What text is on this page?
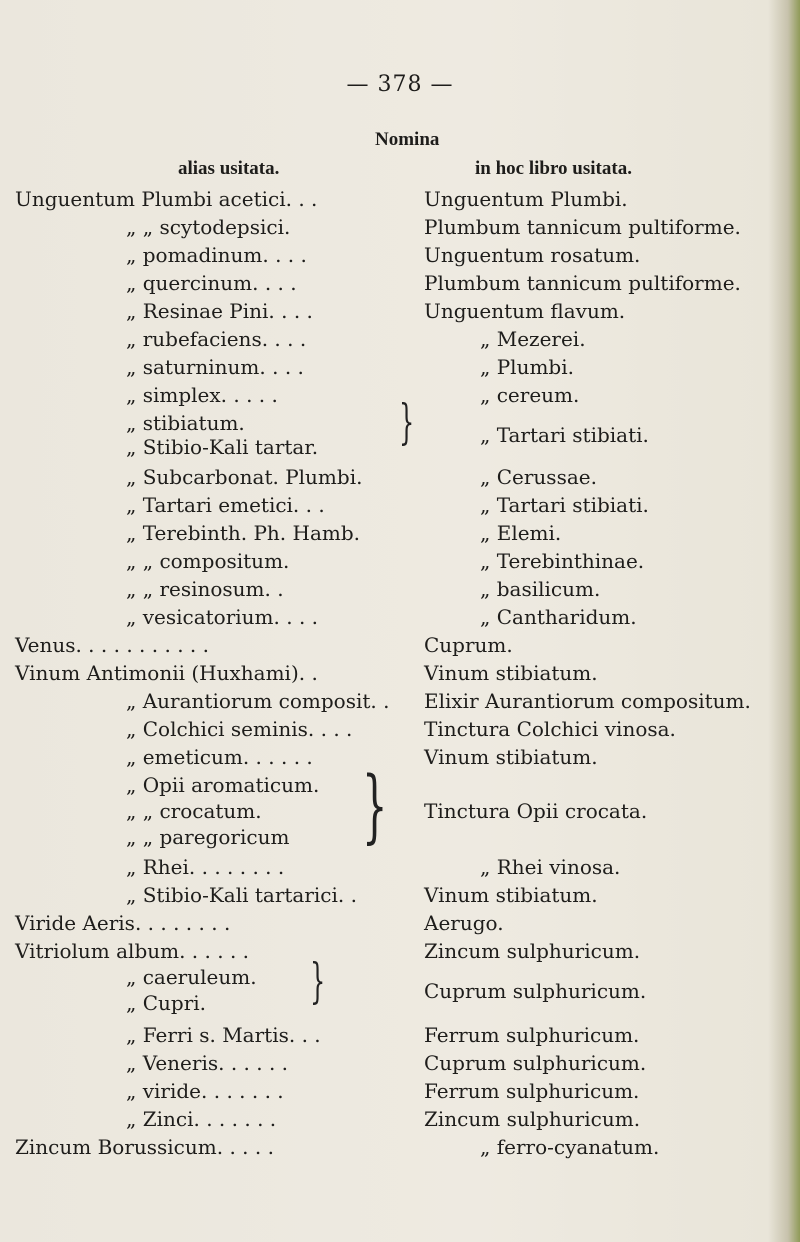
— 378 —
Nomina
alias usitata.	in hoc libro usitata.
Unguentum Plumbi acetici. . .	Unguentum Plumbi.
„ „ scytodepsici.	Plumbum tannicum pultiforme.
„ pomadinum. . . .	Unguentum rosatum.
„ quercinum. . . .	Plumbum tannicum pultiforme.
„ Resinae Pini. . . .	Unguentum flavum.
„ rubefaciens. . . .	„ Mezerei.
„ saturninum. . . .	„ Plumbi.
„ simplex. . . . .	„ cereum.
„ stibiatum.
„ Stibio-Kali tartar.	„ Tartari stibiati.
}
„ Subcarbonat. Plumbi.	„ Cerussae.
„ Tartari emetici. . .	„ Tartari stibiati.
„ Terebinth. Ph. Hamb.	„ Elemi.
„ „ compositum.	„ Terebinthinae.
„ „ resinosum. .	„ basilicum.
„ vesicatorium. . . .	„ Cantharidum.
Venus. . . . . . . . . . .	Cuprum.
Vinum Antimonii (Huxhami). .	Vinum stibiatum.
„ Aurantiorum composit. . Elixir Aurantiorum compositum.
„ Colchici seminis. . . .	Tinctura Colchici vinosa.
„ emeticum. . . . . .	Vinum stibiatum.
„ Opii aromaticum.
„ „ crocatum.	Tinctura Opii crocata.
„ „ paregoricum }
„ Rhei. . . . . . . .	„ Rhei vinosa.
„ Stibio-Kali tartarici. .	Vinum stibiatum.
Viride Aeris. . . . . . . .	Aerugo.
Vitriolum album. . . . . .	Zincum sulphuricum.
„ caeruleum.
„ Cupri.	Cuprum sulphuricum.
}
„ Ferri s. Martis. . .	Ferrum sulphuricum.
„ Veneris. . . . . .	Cuprum sulphuricum.
„ viride. . . . . . .	Ferrum sulphuricum.
„ Zinci. . . . . . .	Zincum sulphuricum.
Zincum Borussicum. . . . .	„ ferro-cyanatum.
